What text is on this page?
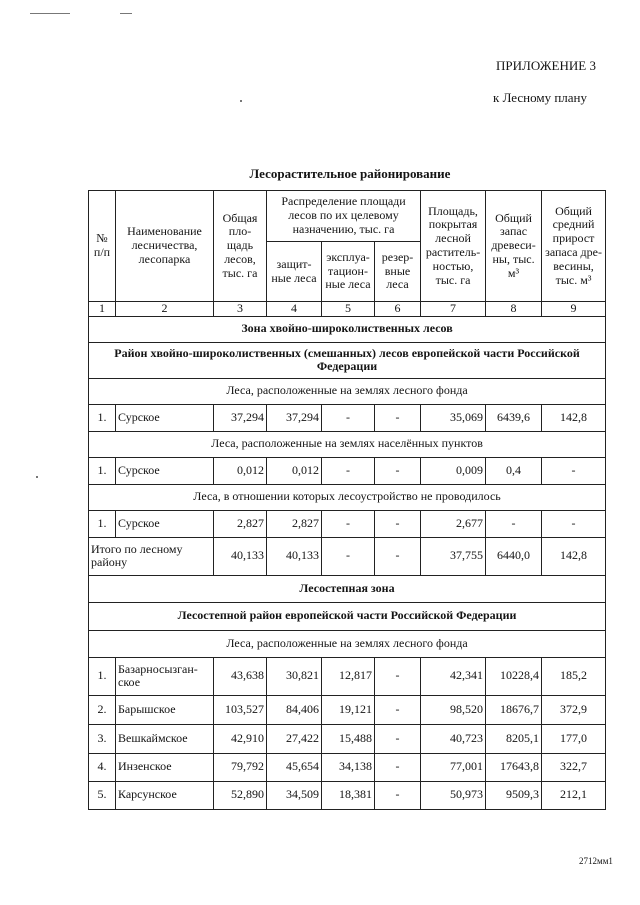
ПРИЛОЖЕНИЕ 3
к Лесному плану
Лесорастительное районирование
№ п/п	Наименование лесничества, лесопарка	Общая пло- щадь лесов, тыс. га	Распределение площади лесов по их целевому назначению, тыс. га			Площадь, покрытая лесной раститель- ностью, тыс. га	Общий запас древеси- ны, тыс. м³	Общий средний прирост запаса дре- весины, тыс. м³
			защит- ные леса	эксплуа- тацион- ные леса	резер- вные леса			
1	2	3	4	5	6	7	8	9
Зона хвойно-широколиственных лесов								
Район хвойно-широколиственных (смешанных) лесов европейской части Российской Федерации								
Леса, расположенные на землях лесного фонда								
1.	Сурское	37,294	37,294	-	-	35,069	6439,6	142,8
Леса, расположенные на землях населённых пунктов								
1.	Сурское	0,012	0,012	-	-	0,009	0,4	-
Леса, в отношении которых лесоустройство не проводилось								
1.	Сурское	2,827	2,827	-	-	2,677	-	-
Итого по лесному району		40,133	40,133	-	-	37,755	6440,0	142,8
Лесостепная зона								
Лесостепной район европейской части Российской Федерации								
Леса, расположенные на землях лесного фонда								
1.	Базарносызган- ское	43,638	30,821	12,817	-	42,341	10228,4	185,2
2.	Барышское	103,527	84,406	19,121	-	98,520	18676,7	372,9
3.	Вешкаймское	42,910	27,422	15,488	-	40,723	8205,1	177,0
4.	Инзенское	79,792	45,654	34,138	-	77,001	17643,8	322,7
5.	Карсунское	52,890	34,509	18,381	-	50,973	9509,3	212,1
2712мм1
